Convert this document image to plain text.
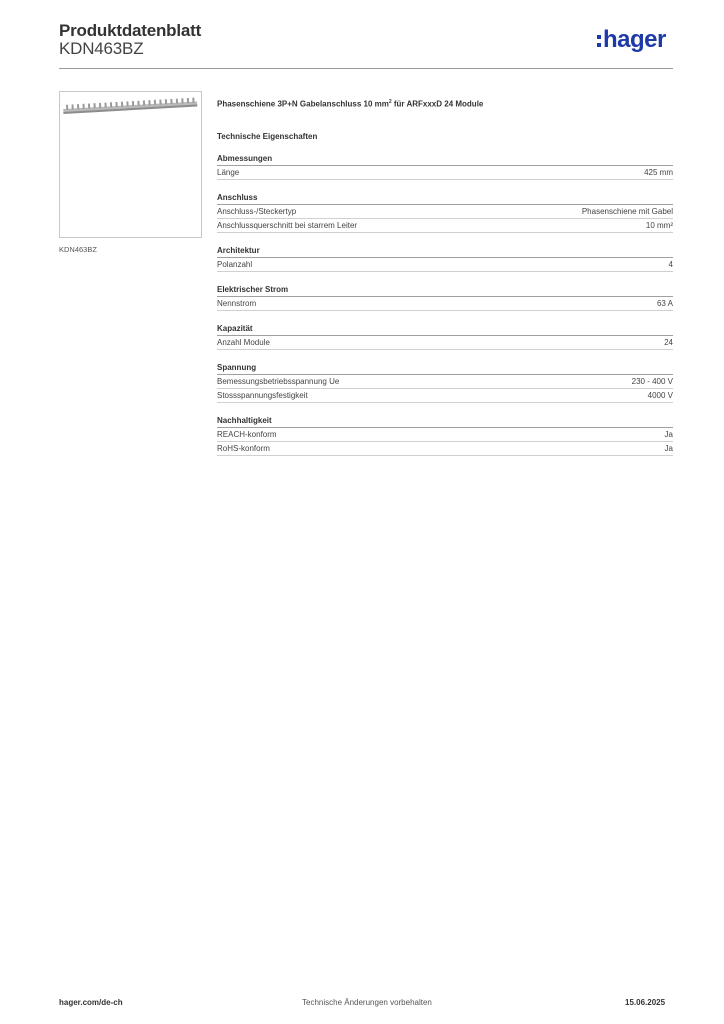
Produktdatenblatt
KDN463BZ	hager
KDN463BZ
Phasenschiene 3P+N Gabelanschluss 10 $mm^2$ für ARFxxxD 24 Module
Technische Eigenschaften
Abmessungen
Länge	425 mm
Anschluss
Anschluss-/Steckertyp	Phasenschiene mit Gabel
Anschlussquerschnitt bei starrem Leiter	10 mm²
Architektur
Polanzahl	4
Elektrischer Strom
Nennstrom	63 A
Kapazität
Anzahl Module	24
Spannung
Bemessungsbetriebsspannung Ue	230 - 400 V
Stossspannungsfestigkeit	4000 V
Nachhaltigkeit
REACH-konform	Ja
RoHS-konform	Ja
hager.com/de-ch	Technische Änderungen vorbehalten	15.06.2025
